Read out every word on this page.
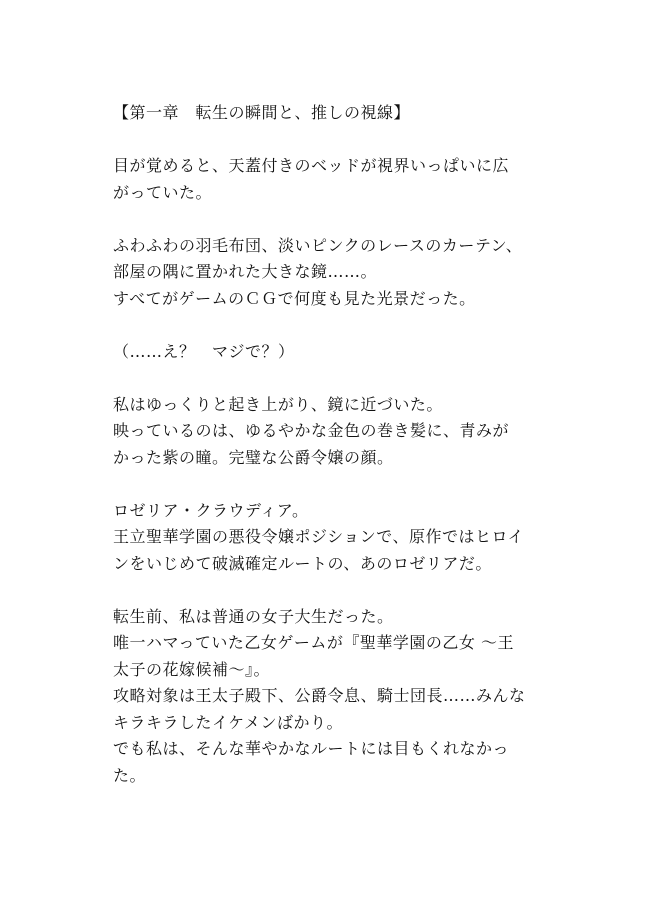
【第一章　転生の瞬間と、推しの視線】
目が覚めると、天蓋付きのベッドが視界いっぱいに広
がっていた。
ふわふわの羽毛布団、淡いピンクのレースのカーテン、
部屋の隅に置かれた大きな鏡……。
すべてがゲームのＣＧで何度も見た光景だった。
（……え？　マジで？）
私はゆっくりと起き上がり、鏡に近づいた。
映っているのは、ゆるやかな金色の巻き髪に、青みが
かった紫の瞳。完璧な公爵令嬢の顔。
ロゼリア・クラウディア。
王立聖華学園の悪役令嬢ポジションで、原作ではヒロイ
ンをいじめて破滅確定ルートの、あのロゼリアだ。
転生前、私は普通の女子大生だった。
唯一ハマっていた乙女ゲームが『聖華学園の乙女 〜王
太子の花嫁候補〜』。
攻略対象は王太子殿下、公爵令息、騎士団長……みんな
キラキラしたイケメンばかり。
でも私は、そんな華やかなルートには目もくれなかっ
た。
